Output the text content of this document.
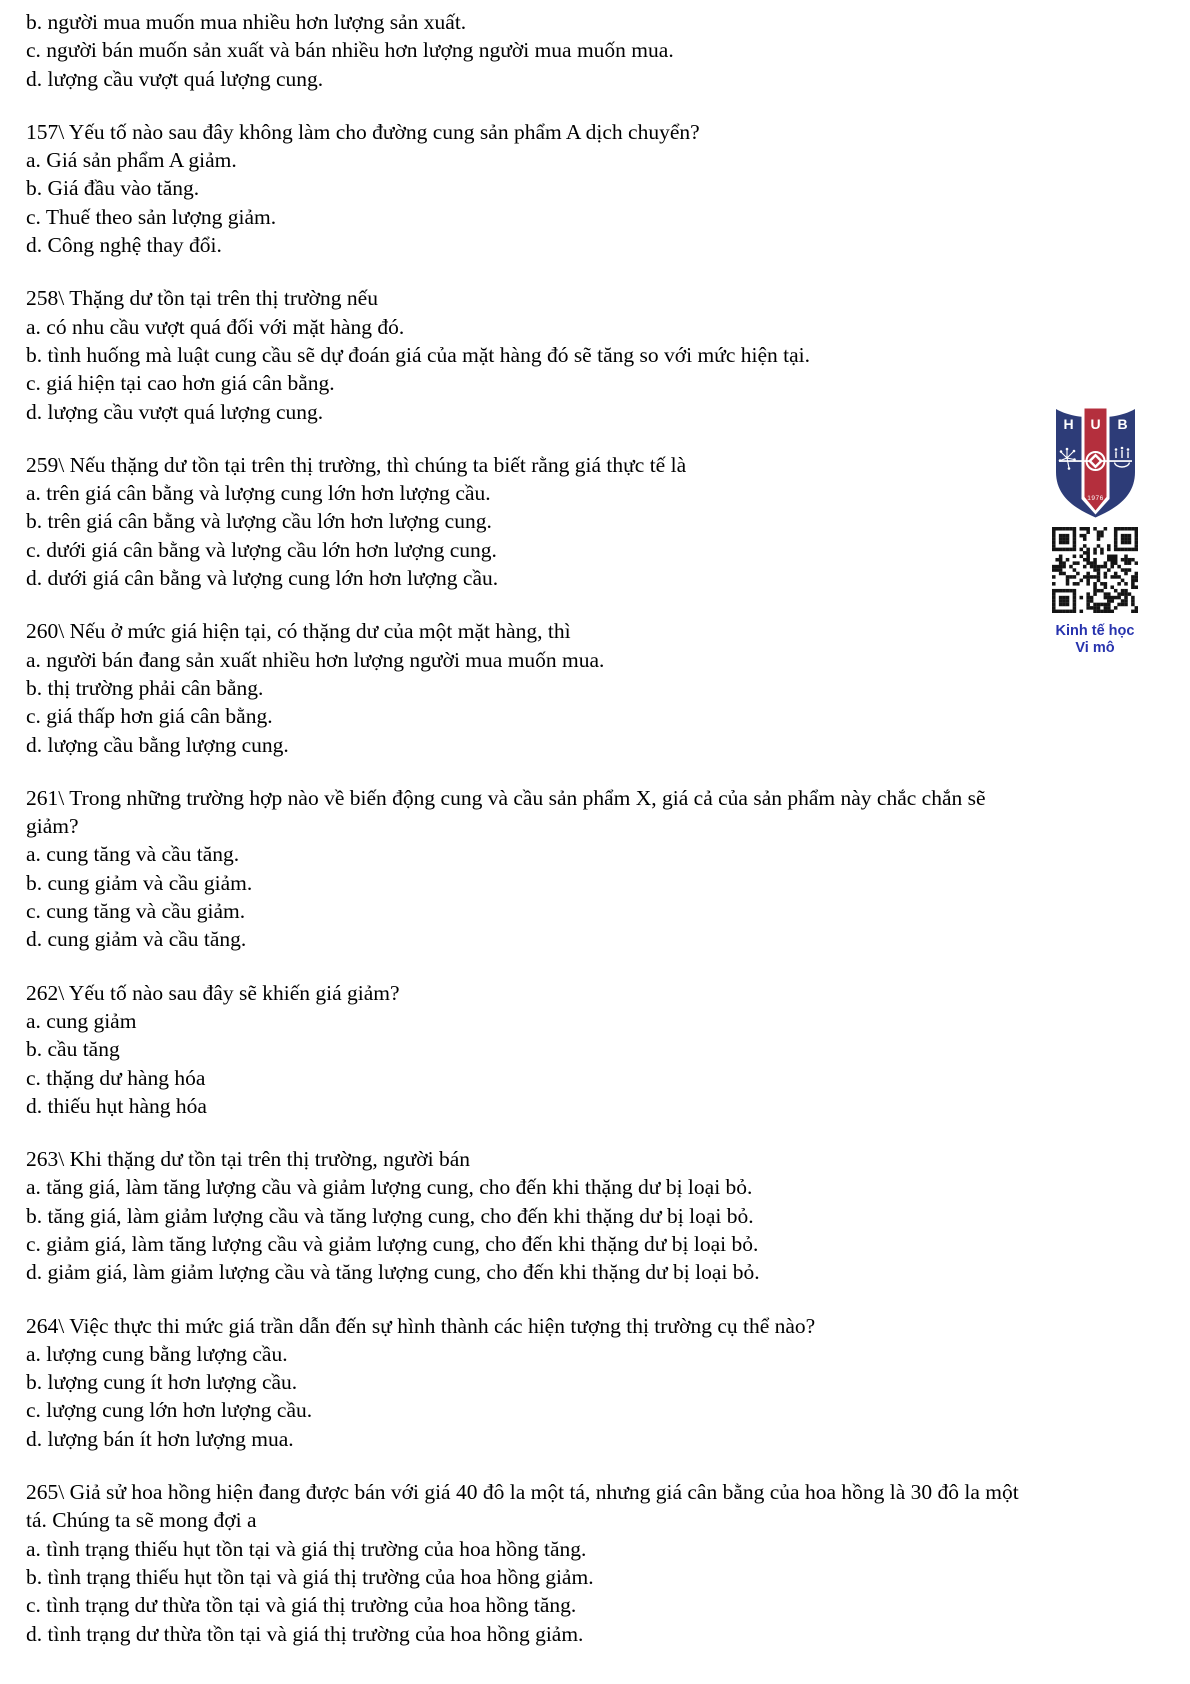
b. người mua muốn mua nhiều hơn lượng sản xuất.
c. người bán muốn sản xuất và bán nhiều hơn lượng người mua muốn mua.
d. lượng cầu vượt quá lượng cung.
157\ Yếu tố nào sau đây không làm cho đường cung sản phẩm A dịch chuyển?
a. Giá sản phẩm A giảm.
b. Giá đầu vào tăng.
c. Thuế theo sản lượng giảm.
d. Công nghệ thay đổi.
258\ Thặng dư tồn tại trên thị trường nếu
a. có nhu cầu vượt quá đối với mặt hàng đó.
b. tình huống mà luật cung cầu sẽ dự đoán giá của mặt hàng đó sẽ tăng so với mức hiện tại.
c. giá hiện tại cao hơn giá cân bằng.
d. lượng cầu vượt quá lượng cung.
259\ Nếu thặng dư tồn tại trên thị trường, thì chúng ta biết rằng giá thực tế là
a. trên giá cân bằng và lượng cung lớn hơn lượng cầu.
b. trên giá cân bằng và lượng cầu lớn hơn lượng cung.
c. dưới giá cân bằng và lượng cầu lớn hơn lượng cung.
d. dưới giá cân bằng và lượng cung lớn hơn lượng cầu.
260\ Nếu ở mức giá hiện tại, có thặng dư của một mặt hàng, thì
a. người bán đang sản xuất nhiều hơn lượng người mua muốn mua.
b. thị trường phải cân bằng.
c. giá thấp hơn giá cân bằng.
d. lượng cầu bằng lượng cung.
261\ Trong những trường hợp nào về biến động cung và cầu sản phẩm X, giá cả của sản phẩm này chắc chắn sẽ
giảm?
a. cung tăng và cầu tăng.
b. cung giảm và cầu giảm.
c. cung tăng và cầu giảm.
d. cung giảm và cầu tăng.
262\ Yếu tố nào sau đây sẽ khiến giá giảm?
a. cung giảm
b. cầu tăng
c. thặng dư hàng hóa
d. thiếu hụt hàng hóa
263\ Khi thặng dư tồn tại trên thị trường, người bán
a. tăng giá, làm tăng lượng cầu và giảm lượng cung, cho đến khi thặng dư bị loại bỏ.
b. tăng giá, làm giảm lượng cầu và tăng lượng cung, cho đến khi thặng dư bị loại bỏ.
c. giảm giá, làm tăng lượng cầu và giảm lượng cung, cho đến khi thặng dư bị loại bỏ.
d. giảm giá, làm giảm lượng cầu và tăng lượng cung, cho đến khi thặng dư bị loại bỏ.
264\ Việc thực thi mức giá trần dẫn đến sự hình thành các hiện tượng thị trường cụ thể nào?
a. lượng cung bằng lượng cầu.
b. lượng cung ít hơn lượng cầu.
c. lượng cung lớn hơn lượng cầu.
d. lượng bán ít hơn lượng mua.
265\ Giả sử hoa hồng hiện đang được bán với giá 40 đô la một tá, nhưng giá cân bằng của hoa hồng là 30 đô la một
tá. Chúng ta sẽ mong đợi a
a. tình trạng thiếu hụt tồn tại và giá thị trường của hoa hồng tăng.
b. tình trạng thiếu hụt tồn tại và giá thị trường của hoa hồng giảm.
c. tình trạng dư thừa tồn tại và giá thị trường của hoa hồng tăng.
d. tình trạng dư thừa tồn tại và giá thị trường của hoa hồng giảm.
H U B
1976
Kinh tế học
Vi mô
